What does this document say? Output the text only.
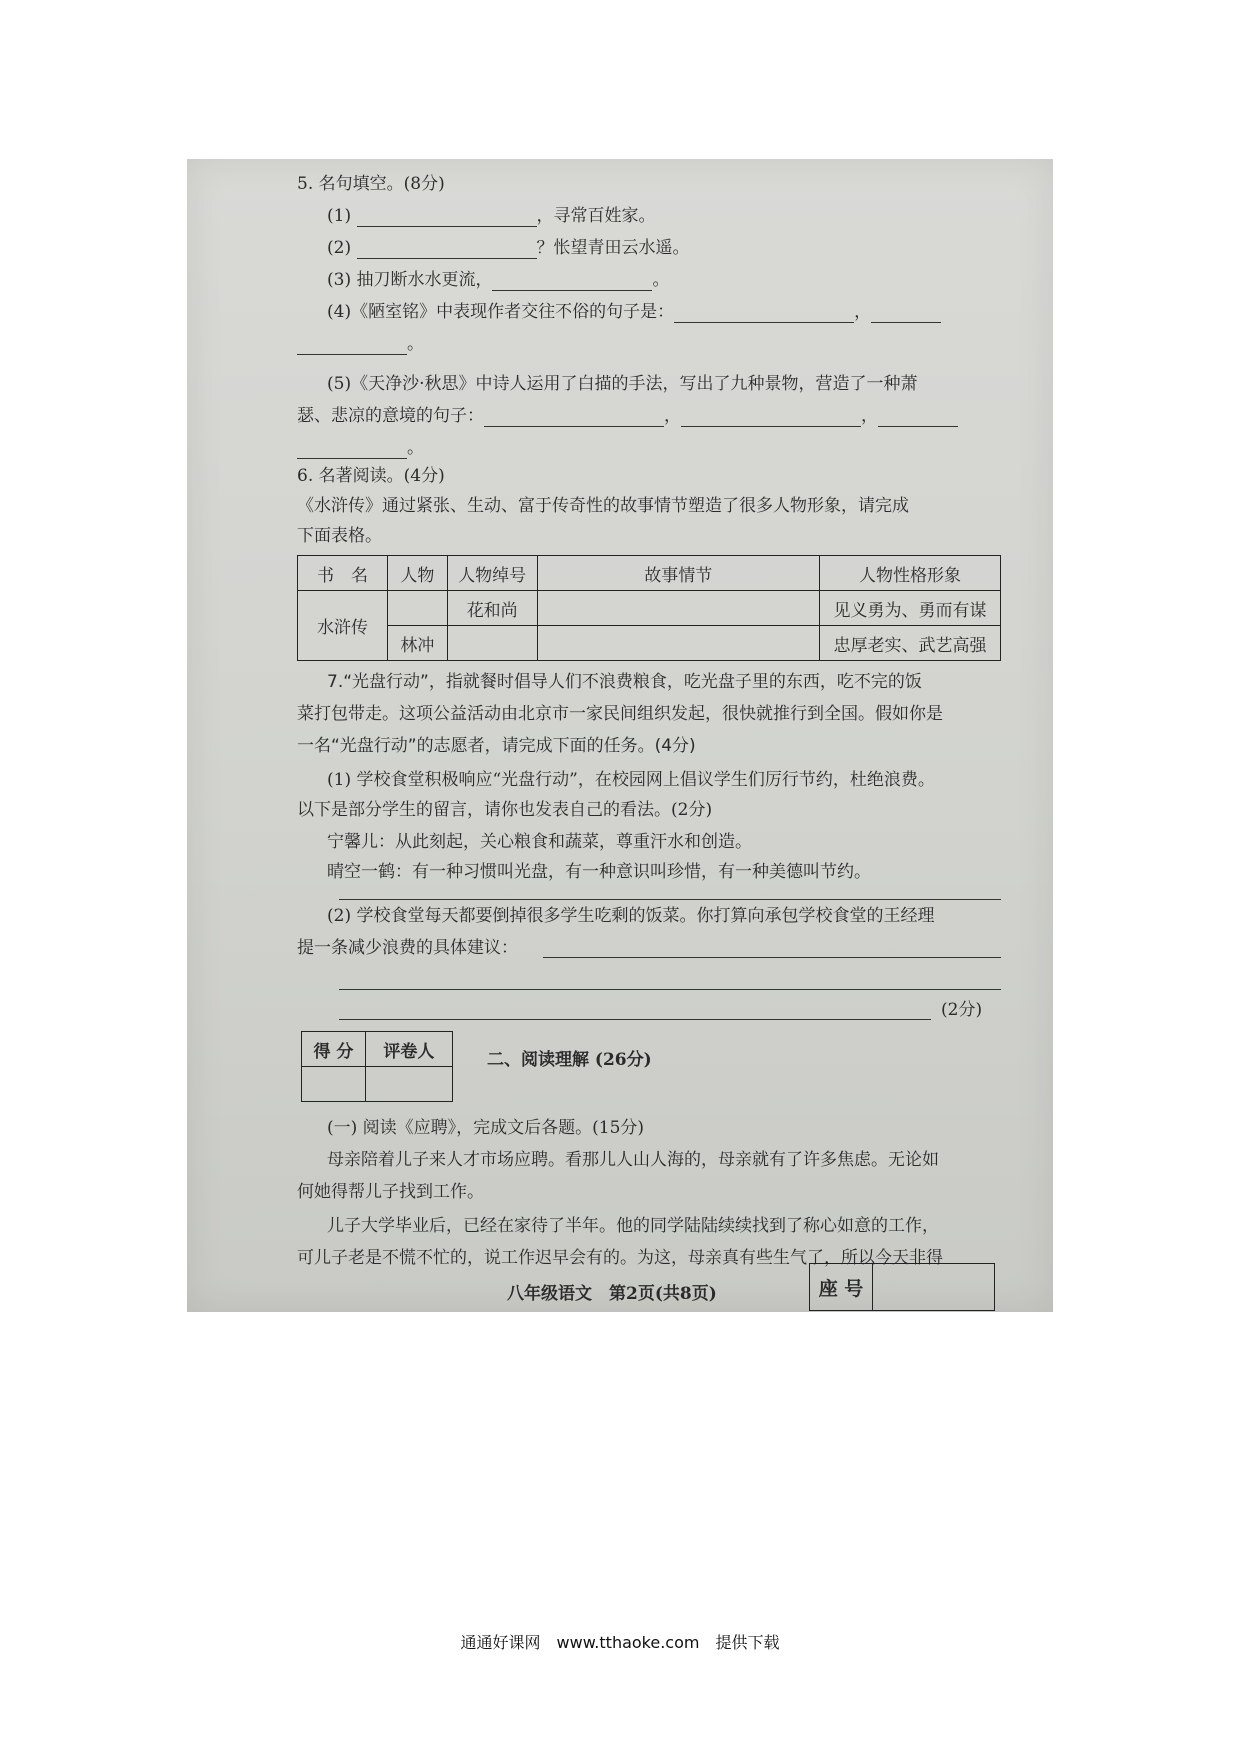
5. 名句填空。(8分)
(1)	，寻常百姓家。
(2)	？怅望青田云水遥。
(3) 抽刀断水水更流，	。
(4)《陋室铭》中表现作者交往不俗的句子是：	，
。
(5)《天净沙·秋思》中诗人运用了白描的手法，写出了九种景物，营造了一种萧
瑟、悲凉的意境的句子：	，	，
。
6. 名著阅读。(4分)
《水浒传》通过紧张、生动、富于传奇性的故事情节塑造了很多人物形象，请完成
下面表格。
书　名	人物	人物绰号	故事情节	人物性格形象
水浒传		花和尚		见义勇为、勇而有谋
	林冲			忠厚老实、武艺高强
7.“光盘行动”，指就餐时倡导人们不浪费粮食，吃光盘子里的东西，吃不完的饭
菜打包带走。这项公益活动由北京市一家民间组织发起，很快就推行到全国。假如你是
一名“光盘行动”的志愿者，请完成下面的任务。(4分)
(1) 学校食堂积极响应“光盘行动”，在校园网上倡议学生们厉行节约，杜绝浪费。
以下是部分学生的留言，请你也发表自己的看法。(2分)
宁馨儿：从此刻起，关心粮食和蔬菜，尊重汗水和创造。
晴空一鹤：有一种习惯叫光盘，有一种意识叫珍惜，有一种美德叫节约。
(2) 学校食堂每天都要倒掉很多学生吃剩的饭菜。你打算向承包学校食堂的王经理
提一条减少浪费的具体建议：
(2分)
得 分	评卷人
		二、阅读理解 (26分)
(一) 阅读《应聘》，完成文后各题。(15分)
母亲陪着儿子来人才市场应聘。看那儿人山人海的，母亲就有了许多焦虑。无论如
何她得帮儿子找到工作。
儿子大学毕业后，已经在家待了半年。他的同学陆陆续续找到了称心如意的工作，
可儿子老是不慌不忙的，说工作迟早会有的。为这，母亲真有些生气了，所以今天非得
八年级语文　第2页(共8页)	座 号	
通通好课网　www.tthaoke.com　提供下载
